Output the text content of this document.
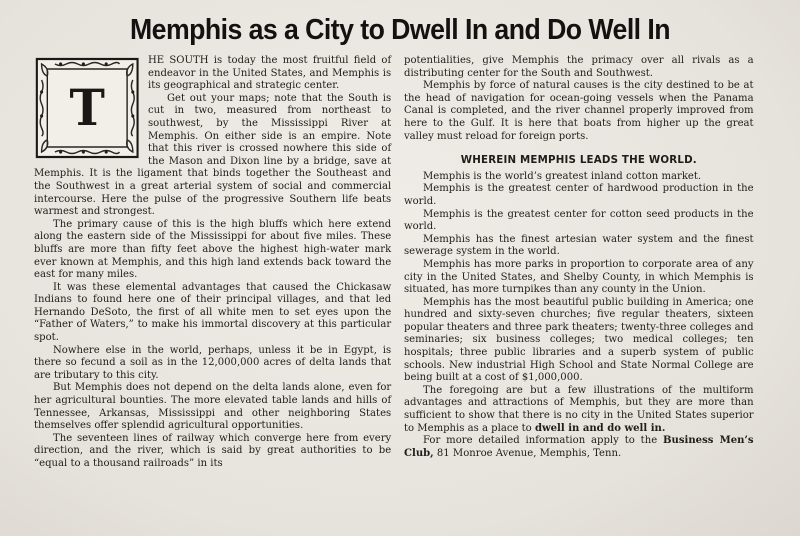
Memphis as a City to Dwell In and Do Well In
T

HE SOUTH is today the most fruitful field of endeavor in the United States, and Memphis is its geographical and strategic center.

Get out your maps; note that the South is cut in two, measured from northeast to southwest, by the Mississippi River at Memphis. On either side is an empire. Note that this river is crossed nowhere this side of the Mason and Dixon line by a bridge, save at Memphis. It is the ligament that binds together the Southeast and the Southwest in a great arterial system of social and commercial intercourse. Here the pulse of the progressive Southern life beats warmest and strongest.

The primary cause of this is the high bluffs which here extend along the eastern side of the Mississippi for about five miles. These bluffs are more than fifty feet above the highest high-water mark ever known at Memphis, and this high land extends back toward the east for many miles.

It was these elemental advantages that caused the Chickasaw Indians to found here one of their principal villages, and that led Hernando DeSoto, the first of all white men to set eyes upon the “Father of Waters,” to make his immortal discovery at this particular spot.

Nowhere else in the world, perhaps, unless it be in Egypt, is there so fecund a soil as in the 12,000,000 acres of delta lands that are tributary to this city.

But Memphis does not depend on the delta lands alone, even for her agricultural bounties. The more elevated table lands and hills of Tennessee, Arkansas, Mississippi and other neighboring States themselves offer splendid agricultural opportunities.

The seventeen lines of railway which converge here from every direction, and the river, which is said by great authorities to be “equal to a thousand railroads” in its

potentialities, give Memphis the primacy over all rivals as a distributing center for the South and Southwest.

Memphis by force of natural causes is the city destined to be at the head of navigation for ocean-going vessels when the Panama Canal is completed, and the river channel properly improved from here to the Gulf. It is here that boats from higher up the great valley must reload for foreign ports.

WHEREIN MEMPHIS LEADS THE WORLD.

Memphis is the world’s greatest inland cotton market.

Memphis is the greatest center of hardwood production in the world.

Memphis is the greatest center for cotton seed products in the world.

Memphis has the finest artesian water system and the finest sewerage system in the world.

Memphis has more parks in proportion to corporate area of any city in the United States, and Shelby County, in which Memphis is situated, has more turnpikes than any county in the Union.

Memphis has the most beautiful public building in America; one hundred and sixty-seven churches; five regular theaters, sixteen popular theaters and three park theaters; twenty-three colleges and seminaries; six business colleges; two medical colleges; ten hospitals; three public libraries and a superb system of public schools. New industrial High School and State Normal College are being built at a cost of $1,000,000.

The foregoing are but a few illustrations of the multiform advantages and attractions of Memphis, but they are more than sufficient to show that there is no city in the United States superior to Memphis as a place to dwell in and do well in.

For more detailed information apply to the Business Men’s Club, 81 Monroe Avenue, Memphis, Tenn.
